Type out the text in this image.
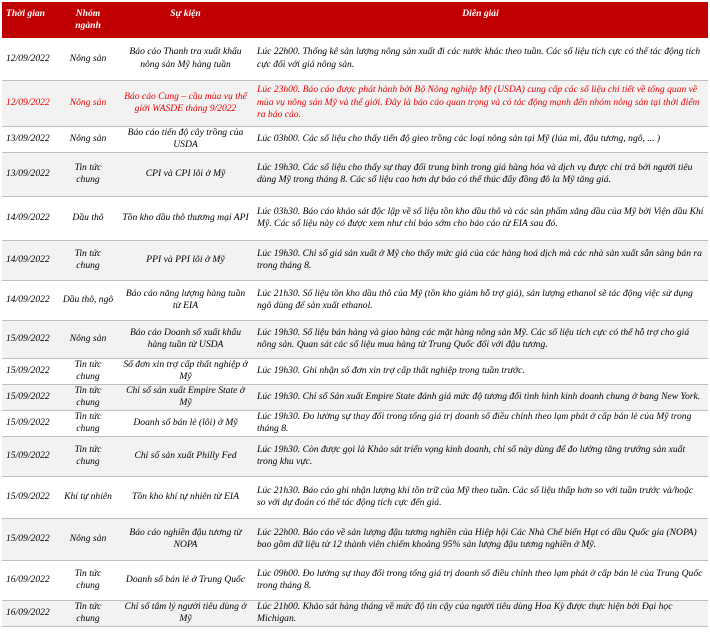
Thời gian	Nhóm ngành	Sự kiện	Diễn giải
12/09/2022	Nông sản	Báo cáo Thanh tra xuất khẩu nông sản Mỹ hàng tuần	Lúc 22h00. Thống kê sản lượng nông sản xuất đi các nước khác theo tuần. Các số liệu tích cực có thể tác động tích cực đối với giá nông sản.
12/09/2022	Nông sản	Báo cáo Cung – cầu mùa vụ thế giới WASDE tháng 9/2022	Lúc 23h00. Báo cáo được phát hành bởi Bộ Nông nghiệp Mỹ (USDA) cung cấp các số liệu chi tiết về tổng quan về mùa vụ nông sản Mỹ và thế giới. Đây là báo cáo quan trọng và có tác động mạnh đến nhóm nông sản tại thời điểm ra báo cáo.
13/09/2022	Nông sản	Báo cáo tiến độ cây trồng của USDA	Lúc 03h00. Các số liệu cho thấy tiến độ gieo trồng các loại nông sản tại Mỹ (lúa mì, đậu tương, ngô, ... )
13/09/2022	Tin tức chung	CPI và CPI lõi ở Mỹ	Lúc 19h30. Các số liệu cho thấy sự thay đổi trung bình trong giá hàng hóa và dịch vụ được chi trả bởi người tiêu dùng Mỹ trong tháng 8. Các số liệu cao hơn dự báo có thể thúc đẩy đồng đô la Mỹ tăng giá.
14/09/2022	Dầu thô	Tồn kho dầu thô thương mại API	Lúc 03h30. Báo cáo khảo sát độc lập về số liệu tồn kho dầu thô và các sản phẩm xăng dầu của Mỹ bởi Viện dầu Khí Mỹ. Các số liệu này có được xem như chỉ báo sớm cho báo cáo từ EIA sau đó.
14/09/2022	Tin tức chung	PPI và PPI lõi ở Mỹ	Lúc 19h30. Chỉ số giá sản xuất ở Mỹ cho thấy mức giá của các hàng hoá dịch mà các nhà sản xuất sẵn sàng bán ra trong tháng 8.
14/09/2022	Dầu thô, ngô	Báo cáo năng lượng hàng tuần từ EIA	Lúc 21h30. Số liệu tồn kho dầu thô của Mỹ (tồn kho giảm hỗ trợ giá), sản lượng ethanol sẽ tác động việc sử dụng ngô dùng để sản xuất ethanol.
15/09/2022	Nông sản	Báo cáo Doanh số xuất khẩu hàng tuần từ USDA	Lúc 19h30. Số liệu bán hàng và giao hàng các mặt hàng nông sản Mỹ. Các số liệu tích cực có thể hỗ trợ cho giá nông sản. Quan sát các số liệu mua hàng từ Trung Quốc đối với đậu tương.
15/09/2022	Tin tức chung	Số đơn xin trợ cấp thất nghiệp ở Mỹ	Lúc 19h30. Ghi nhận số đơn xin trợ cấp thất nghiệp trong tuần trước.
15/09/2022	Tin tức chung	Chỉ số sản xuất Empire State ở Mỹ	Lúc 19h30. Chỉ số Sản xuất Empire State đánh giá mức độ tương đối tình hình kinh doanh chung ở bang New York.
15/09/2022	Tin tức chung	Doanh số bán lẻ (lõi) ở Mỹ	Lúc 19h30. Đo lường sự thay đổi trong tổng giá trị doanh số điều chỉnh theo lạm phát ở cấp bán lẻ của Mỹ trong tháng 8.
15/09/2022	Tin tức chung	Chỉ số sản xuất Philly Fed	Lúc 19h30. Còn được gọi là Khảo sát triển vọng kinh doanh, chỉ số này dùng để đo lường tăng trưởng sản xuất trong khu vực.
15/09/2022	Khí tự nhiên	Tồn kho khí tự nhiên từ EIA	Lúc 21h30. Báo cáo ghi nhận lượng khí tồn trữ của Mỹ theo tuần. Các số liệu thấp hơn so với tuần trước và/hoặc so với dự đoán có thể tác động tích cực đến giá.
15/09/2022	Nông sản	Báo cáo nghiền đậu tương từ NOPA	Lúc 22h00. Báo cáo về sản lượng đậu tương nghiền của Hiệp hội Các Nhà Chế biến Hạt có dầu Quốc gia (NOPA) bao gồm dữ liệu từ 12 thành viên chiếm khoảng 95% sản lượng đậu tương nghiền ở Mỹ.
16/09/2022	Tin tức chung	Doanh số bán lẻ ở Trung Quốc	Lúc 09h00. Đo lường sự thay đổi trong tổng giá trị doanh số điều chỉnh theo lạm phát ở cấp bán lẻ của Trung Quốc trong tháng 8.
16/09/2022	Tin tức chung	Chỉ số tâm lý người tiêu dùng ở Mỹ	Lúc 21h00. Khảo sát hàng tháng về mức độ tin cậy của người tiêu dùng Hoa Kỳ được thực hiện bởi Đại học Michigan.
